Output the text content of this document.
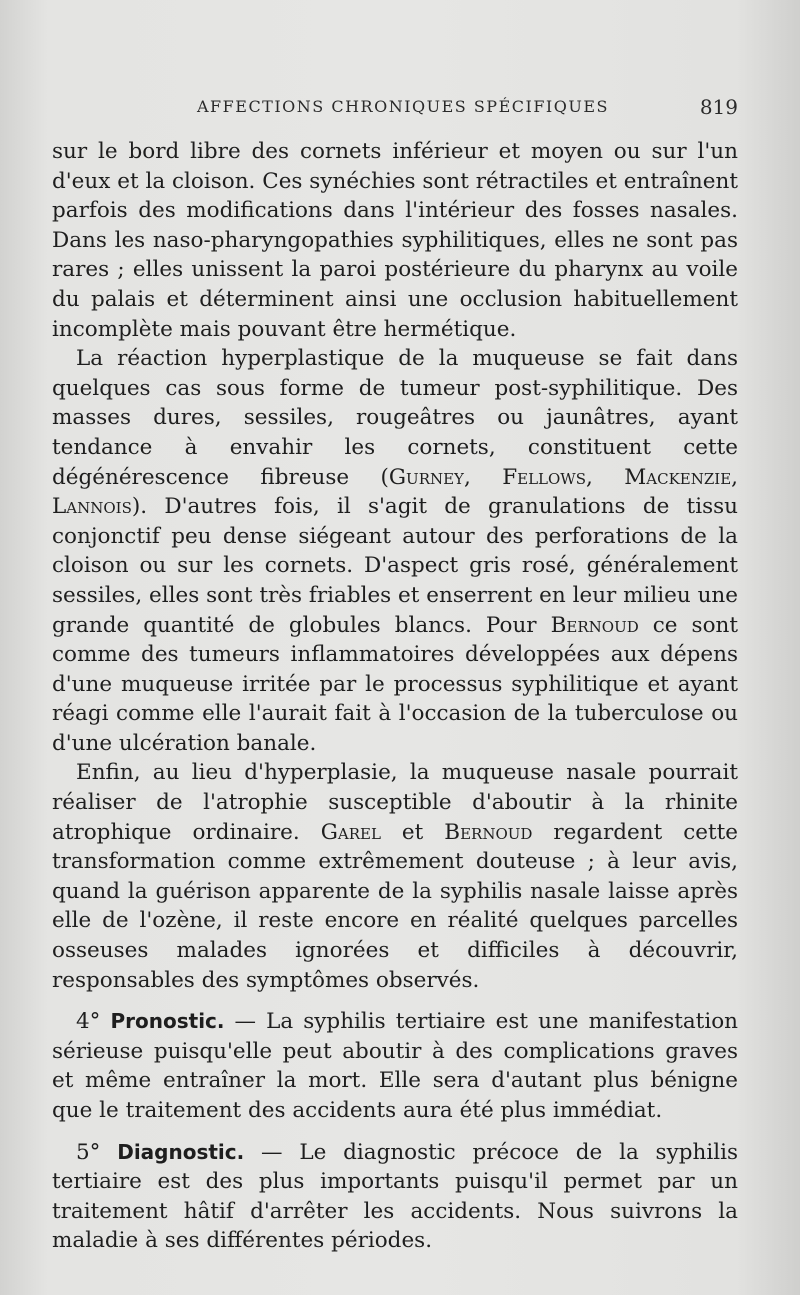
AFFECTIONS CHRONIQUES SPÉCIFIQUES	819

sur le bord libre des cornets inférieur et moyen ou sur l'un d'eux et la cloison. Ces synéchies sont rétractiles et entraînent parfois des modifications dans l'intérieur des fosses nasales. Dans les naso-pharyngopathies syphilitiques, elles ne sont pas rares ; elles unissent la paroi postérieure du pharynx au voile du palais et déterminent ainsi une occlusion habituellement incomplète mais pouvant être hermétique.

La réaction hyperplastique de la muqueuse se fait dans quelques cas sous forme de tumeur post-syphilitique. Des masses dures, sessiles, rougeâtres ou jaunâtres, ayant tendance à envahir les cornets, constituent cette dégénérescence fibreuse (Gurney, Fellows, Mackenzie, Lannois). D'autres fois, il s'agit de granulations de tissu conjonctif peu dense siégeant autour des perforations de la cloison ou sur les cornets. D'aspect gris rosé, généralement sessiles, elles sont très friables et enserrent en leur milieu une grande quantité de globules blancs. Pour Bernoud ce sont comme des tumeurs inflammatoires développées aux dépens d'une muqueuse irritée par le processus syphilitique et ayant réagi comme elle l'aurait fait à l'occasion de la tuberculose ou d'une ulcération banale.

Enfin, au lieu d'hyperplasie, la muqueuse nasale pourrait réaliser de l'atrophie susceptible d'aboutir à la rhinite atrophique ordinaire. Garel et Bernoud regardent cette transformation comme extrêmement douteuse ; à leur avis, quand la guérison apparente de la syphilis nasale laisse après elle de l'ozène, il reste encore en réalité quelques parcelles osseuses malades ignorées et difficiles à découvrir, responsables des symptômes observés.

4° Pronostic. — La syphilis tertiaire est une manifestation sérieuse puisqu'elle peut aboutir à des complications graves et même entraîner la mort. Elle sera d'autant plus bénigne que le traitement des accidents aura été plus immédiat.

5° Diagnostic. — Le diagnostic précoce de la syphilis tertiaire est des plus importants puisqu'il permet par un traitement hâtif d'arrêter les accidents. Nous suivrons la maladie à ses différentes périodes.
